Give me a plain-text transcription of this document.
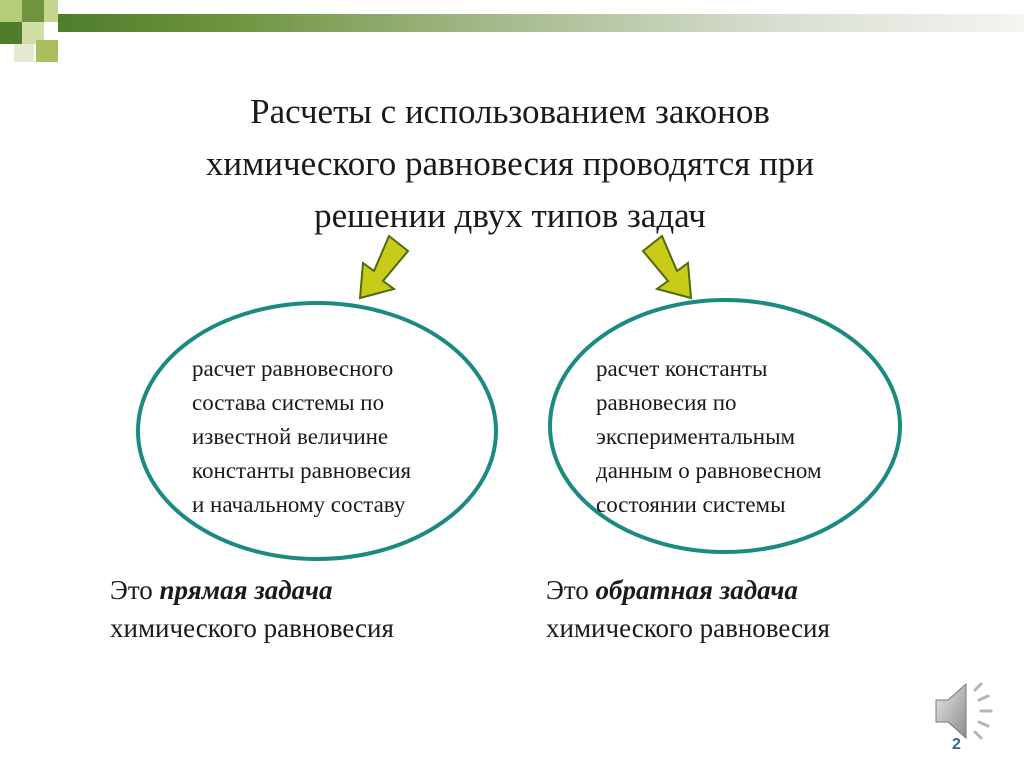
Расчеты с использованием законов
химического равновесия проводятся при
решении двух типов задач
расчет равновесного
состава системы по
известной величине
константы равновесия
и начальному составу
расчет константы
равновесия по
экспериментальным
данным о равновесном
состоянии системы
Это прямая задача
химического равновесия
Это обратная задача
химического равновесия
2
